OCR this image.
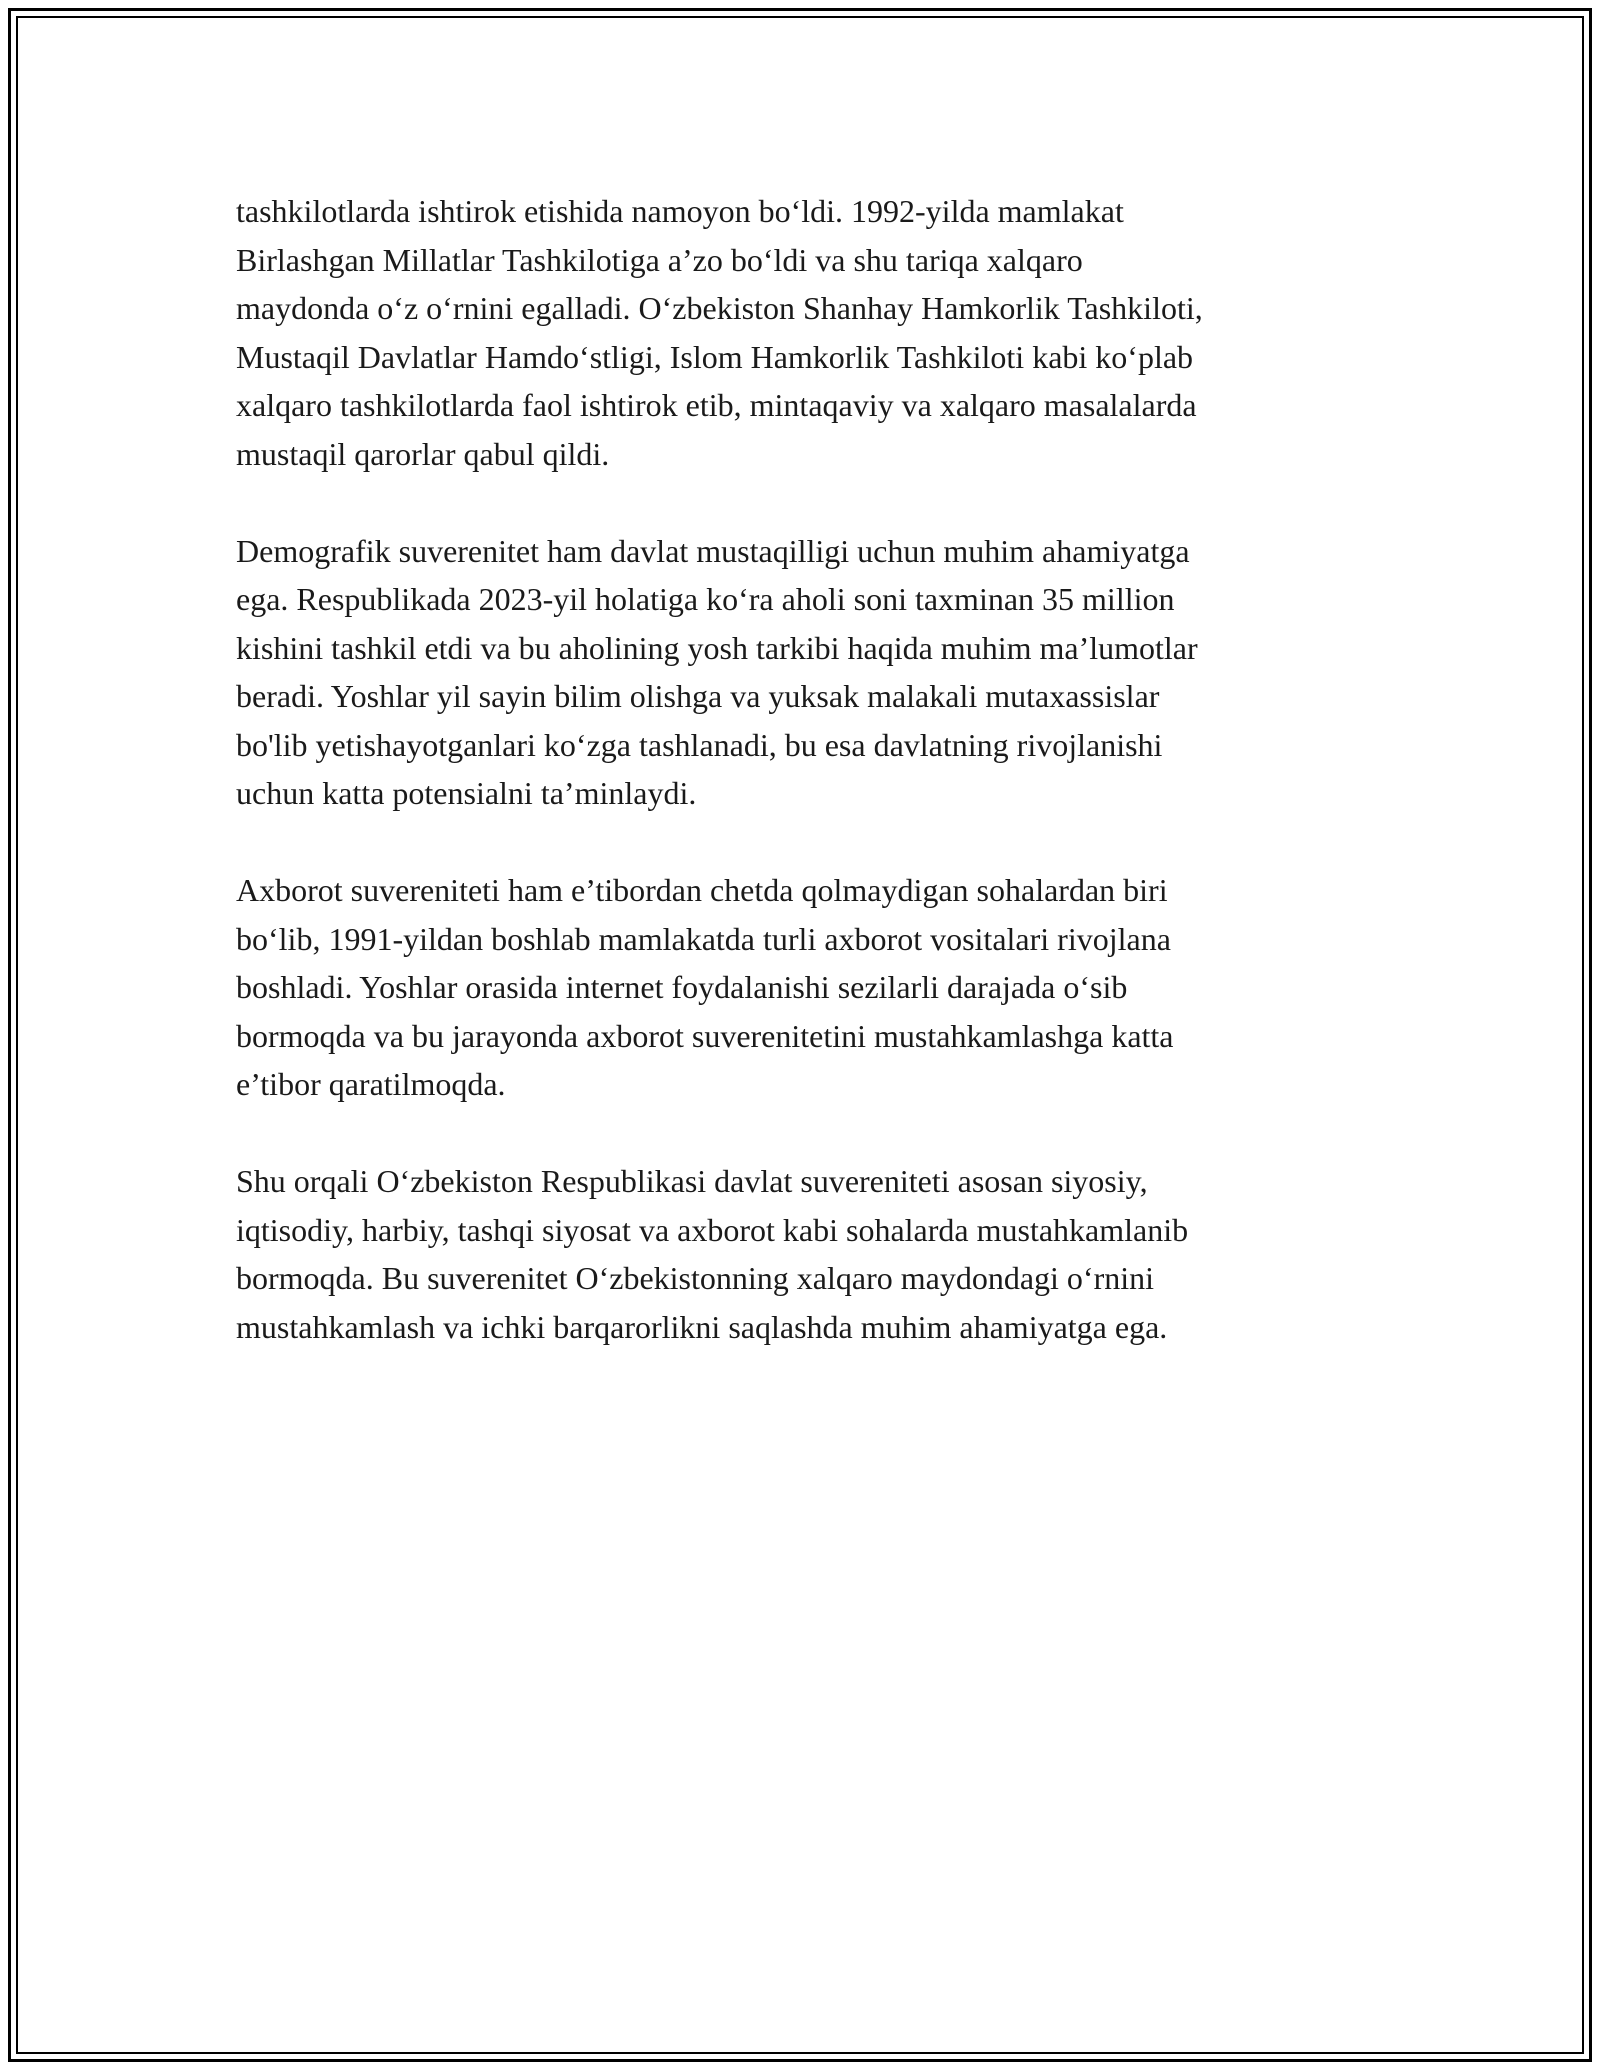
tashkilotlarda ishtirok etishida namoyon bo‘ldi. 1992-yilda mamlakat
Birlashgan Millatlar Tashkilotiga a’zo bo‘ldi va shu tariqa xalqaro
maydonda o‘z o‘rnini egalladi. O‘zbekiston Shanhay Hamkorlik Tashkiloti,
Mustaqil Davlatlar Hamdo‘stligi, Islom Hamkorlik Tashkiloti kabi ko‘plab
xalqaro tashkilotlarda faol ishtirok etib, mintaqaviy va xalqaro masalalarda
mustaqil qarorlar qabul qildi.

Demografik suverenitet ham davlat mustaqilligi uchun muhim ahamiyatga
ega. Respublikada 2023-yil holatiga ko‘ra aholi soni taxminan 35 million
kishini tashkil etdi va bu aholining yosh tarkibi haqida muhim ma’lumotlar
beradi. Yoshlar yil sayin bilim olishga va yuksak malakali mutaxassislar
bo'lib yetishayotganlari ko‘zga tashlanadi, bu esa davlatning rivojlanishi
uchun katta potensialni ta’minlaydi.

Axborot suvereniteti ham e’tibordan chetda qolmaydigan sohalardan biri
bo‘lib, 1991-yildan boshlab mamlakatda turli axborot vositalari rivojlana
boshladi. Yoshlar orasida internet foydalanishi sezilarli darajada o‘sib
bormoqda va bu jarayonda axborot suverenitetini mustahkamlashga katta
e’tibor qaratilmoqda.

Shu orqali O‘zbekiston Respublikasi davlat suvereniteti asosan siyosiy,
iqtisodiy, harbiy, tashqi siyosat va axborot kabi sohalarda mustahkamlanib
bormoqda. Bu suverenitet O‘zbekistonning xalqaro maydondagi o‘rnini
mustahkamlash va ichki barqarorlikni saqlashda muhim ahamiyatga ega.
